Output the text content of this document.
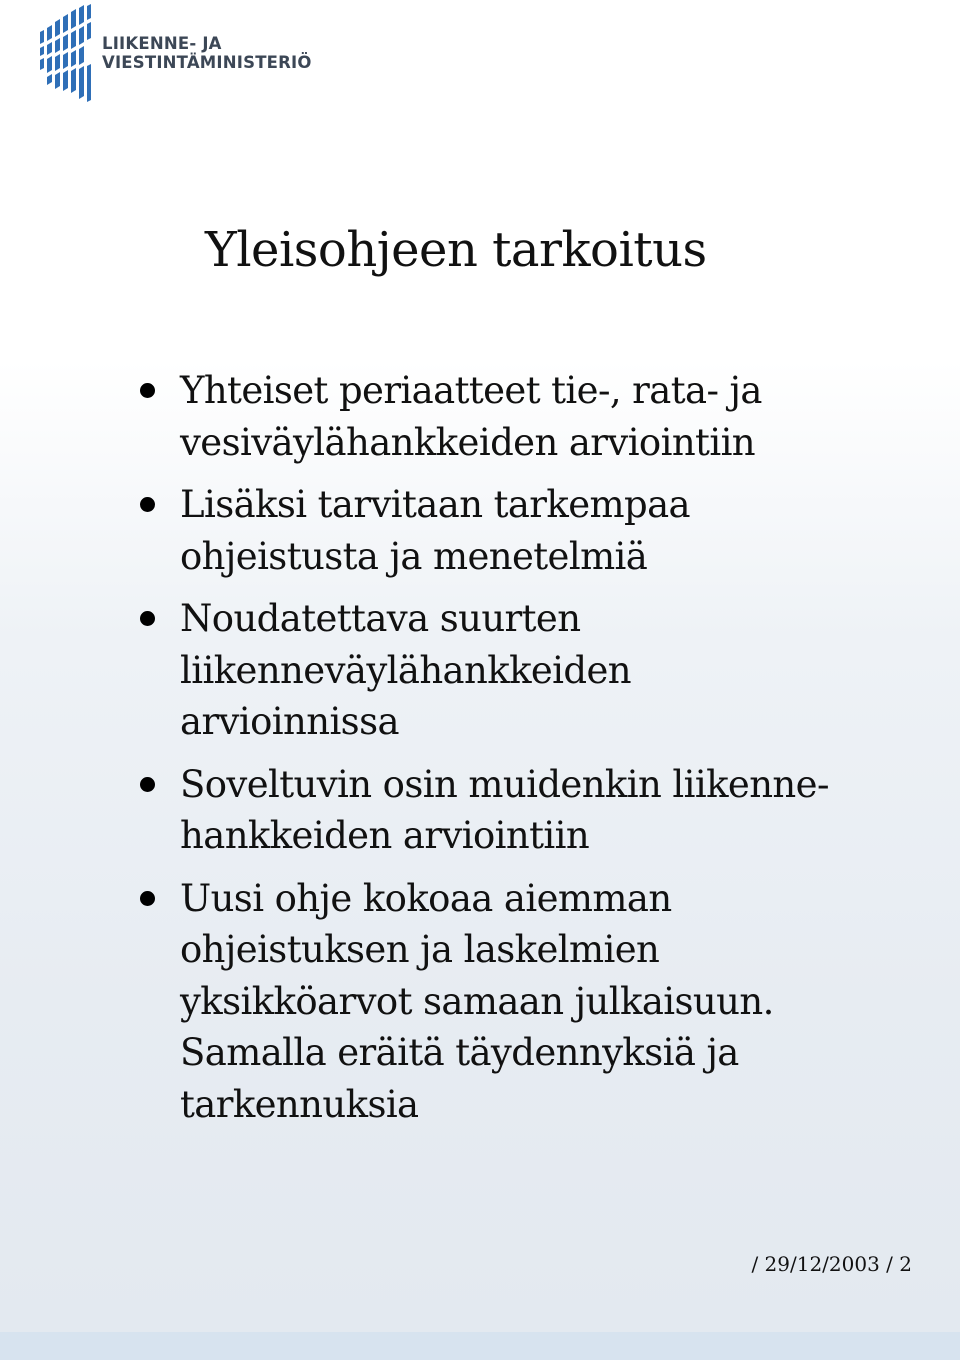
LIIKENNE- JA
VIESTINTÄMINISTERIÖ
Yleisohjeen tarkoitus
Yhteiset periaatteet tie-, rata- ja
vesiväylähankkeiden arviointiin
Lisäksi tarvitaan tarkempaa
ohjeistusta ja menetelmiä
Noudatettava suurten
liikenneväylähankkeiden
arvioinnissa
Soveltuvin osin muidenkin liikenne-
hankkeiden arviointiin
Uusi ohje kokoaa aiemman
ohjeistuksen ja laskelmien
yksikköarvot samaan julkaisuun.
Samalla eräitä täydennyksiä ja
tarkennuksia
/ 29/12/2003 / 2
